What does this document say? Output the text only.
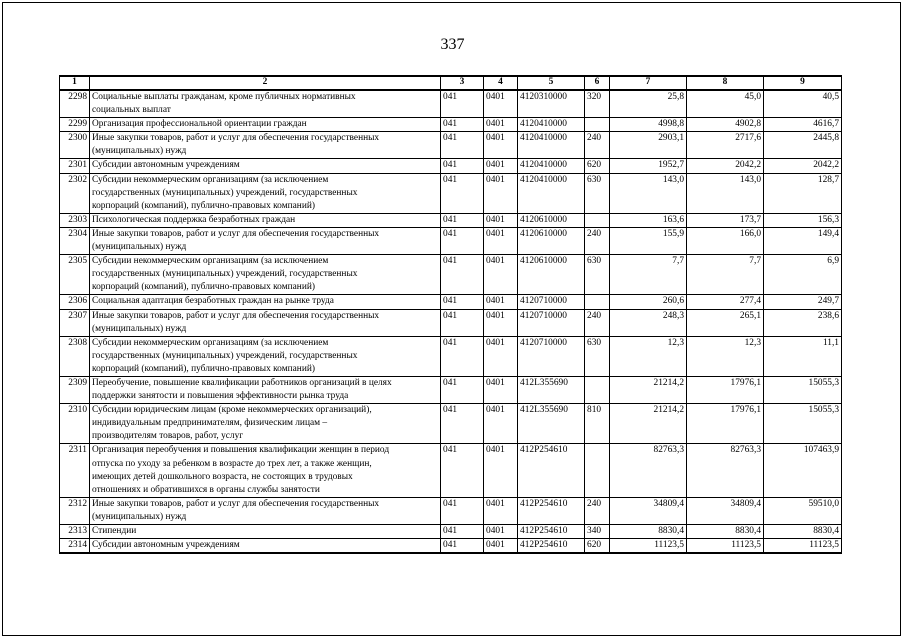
337
1	2	3	4	5	6	7	8	9
2298	Социальные выплаты гражданам, кроме публичных нормативных
социальных выплат	041	0401	4120310000	320	25,8	45,0	40,5
2299	Организация профессиональной ориентации граждан	041	0401	4120410000		4998,8	4902,8	4616,7
2300	Иные закупки товаров, работ и услуг для обеспечения государственных
(муниципальных) нужд	041	0401	4120410000	240	2903,1	2717,6	2445,8
2301	Субсидии автономным учреждениям	041	0401	4120410000	620	1952,7	2042,2	2042,2
2302	Субсидии некоммерческим организациям (за исключением
государственных (муниципальных) учреждений, государственных
корпораций (компаний), публично-правовых компаний)	041	0401	4120410000	630	143,0	143,0	128,7
2303	Психологическая поддержка безработных граждан	041	0401	4120610000		163,6	173,7	156,3
2304	Иные закупки товаров, работ и услуг для обеспечения государственных
(муниципальных) нужд	041	0401	4120610000	240	155,9	166,0	149,4
2305	Субсидии некоммерческим организациям (за исключением
государственных (муниципальных) учреждений, государственных
корпораций (компаний), публично-правовых компаний)	041	0401	4120610000	630	7,7	7,7	6,9
2306	Социальная адаптация безработных граждан на рынке труда	041	0401	4120710000		260,6	277,4	249,7
2307	Иные закупки товаров, работ и услуг для обеспечения государственных
(муниципальных) нужд	041	0401	4120710000	240	248,3	265,1	238,6
2308	Субсидии некоммерческим организациям (за исключением
государственных (муниципальных) учреждений, государственных
корпораций (компаний), публично-правовых компаний)	041	0401	4120710000	630	12,3	12,3	11,1
2309	Переобучение, повышение квалификации работников организаций в целях
поддержки занятости и повышения эффективности рынка труда	041	0401	412L355690		21214,2	17976,1	15055,3
2310	Субсидии юридическим лицам (кроме некоммерческих организаций),
индивидуальным предпринимателям, физическим лицам –
производителям товаров, работ, услуг	041	0401	412L355690	810	21214,2	17976,1	15055,3
2311	Организация переобучения и повышения квалификации женщин в период
отпуска по уходу за ребенком в возрасте до трех лет, а также женщин,
имеющих детей дошкольного возраста, не состоящих в трудовых
отношениях и обратившихся в органы службы занятости	041	0401	412P254610		82763,3	82763,3	107463,9
2312	Иные закупки товаров, работ и услуг для обеспечения государственных
(муниципальных) нужд	041	0401	412P254610	240	34809,4	34809,4	59510,0
2313	Стипендии	041	0401	412P254610	340	8830,4	8830,4	8830,4
2314	Субсидии автономным учреждениям	041	0401	412P254610	620	11123,5	11123,5	11123,5
